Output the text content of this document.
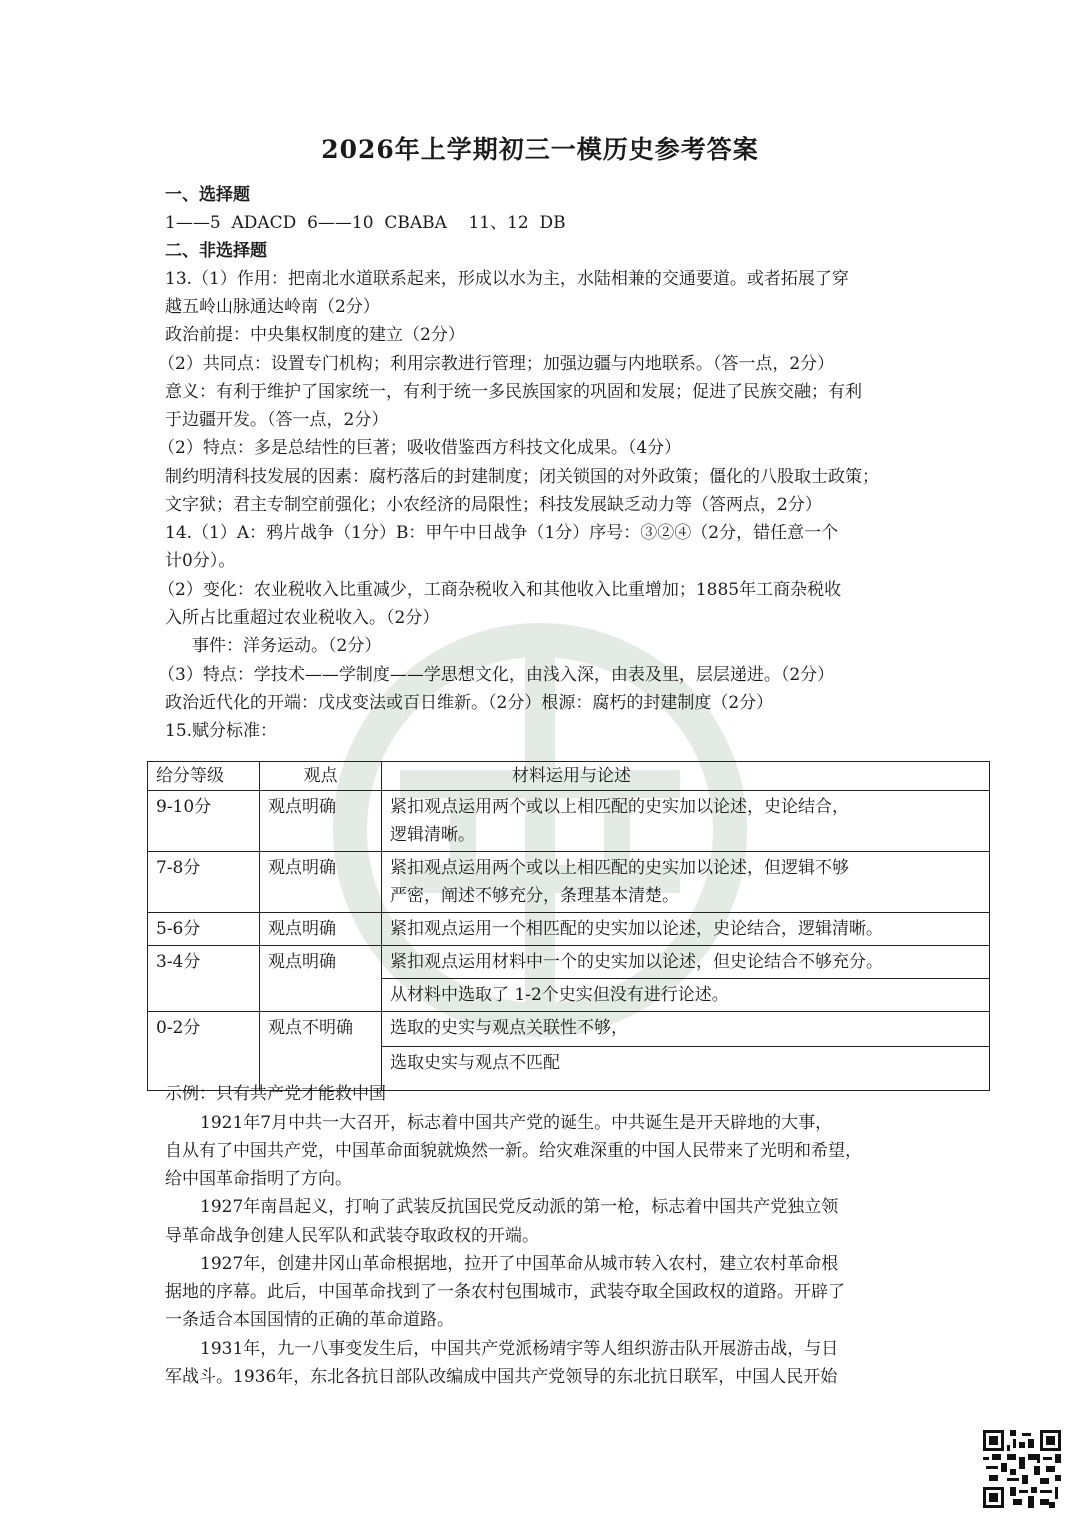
2026年上学期初三一模历史参考答案
一、选择题
1——5  ADACD  6——10  CBABA    11、12  DB
二、非选择题
13.（1）作用：把南北水道联系起来，形成以水为主，水陆相兼的交通要道。或者拓展了穿
越五岭山脉通达岭南（2分）
政治前提：中央集权制度的建立（2分）
（2）共同点：设置专门机构；利用宗教进行管理；加强边疆与内地联系。（答一点，2分）
意义：有利于维护了国家统一，有利于统一多民族国家的巩固和发展；促进了民族交融；有利
于边疆开发。（答一点，2分）
（2）特点：多是总结性的巨著；吸收借鉴西方科技文化成果。（4分）
制约明清科技发展的因素：腐朽落后的封建制度；闭关锁国的对外政策；僵化的八股取士政策；
文字狱；君主专制空前强化；小农经济的局限性；科技发展缺乏动力等（答两点，2分）
14.（1）A：鸦片战争（1分）B：甲午中日战争（1分）序号：③②④（2分，错任意一个
计0分）。
（2）变化：农业税收入比重减少，工商杂税收入和其他收入比重增加；1885年工商杂税收
入所占比重超过农业税收入。（2分）
事件：洋务运动。（2分）
（3）特点：学技术——学制度——学思想文化，由浅入深，由表及里，层层递进。（2分）
政治近代化的开端：戊戌变法或百日维新。（2分）根源：腐朽的封建制度（2分）
15.赋分标准：
给分等级	观点	材料运用与论述
9-10分	观点明确	紧扣观点运用两个或以上相匹配的史实加以论述，史论结合，
逻辑清晰。

7-8分	观点明确	紧扣观点运用两个或以上相匹配的史实加以论述，但逻辑不够
严密，阐述不够充分，条理基本清楚。

5-6分	观点明确	紧扣观点运用一个相匹配的史实加以论述，史论结合，逻辑清晰。
3-4分	观点明确	紧扣观点运用材料中一个的史实加以论述，但史论结合不够充分。
		从材料中选取了 1-2个史实但没有进行论述。
0-2分	观点不明确	选取的史实与观点关联性不够，
		选取史实与观点不匹配
示例：只有共产党才能救中国
1921年7月中共一大召开，标志着中国共产党的诞生。中共诞生是开天辟地的大事，
自从有了中国共产党，中国革命面貌就焕然一新。给灾难深重的中国人民带来了光明和希望，
给中国革命指明了方向。
1927年南昌起义，打响了武装反抗国民党反动派的第一枪，标志着中国共产党独立领
导革命战争创建人民军队和武装夺取政权的开端。
1927年，创建井冈山革命根据地，拉开了中国革命从城市转入农村，建立农村革命根
据地的序幕。此后，中国革命找到了一条农村包围城市，武装夺取全国政权的道路。开辟了
一条适合本国国情的正确的革命道路。
1931年，九一八事变发生后，中国共产党派杨靖宇等人组织游击队开展游击战，与日
军战斗。1936年，东北各抗日部队改编成中国共产党领导的东北抗日联军，中国人民开始
